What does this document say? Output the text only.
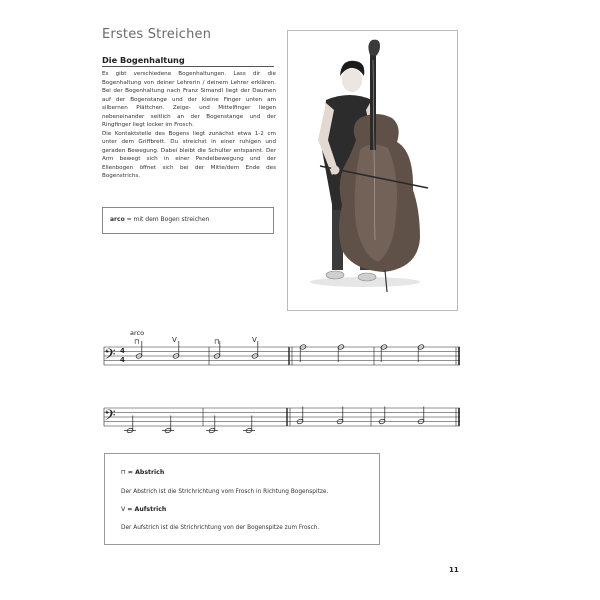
Erstes Streichen
Die Bogenhaltung

Es gibt verschiedene Bogenhaltungen. Lass dir die Bogenhaltung von deiner Lehrerin / deinem Lehrer erklären. Bei der Bogenhaltung nach Franz Simandl liegt der Daumen auf der Bogenstange und der kleine Finger unten am silbernen Plättchen. Zeige- und Mittelfinger liegen nebeneinander seitlich an der Bogenstange und der Ringfinger liegt locker im Frosch.

Die Kontaktstelle des Bogens liegt zunächst etwa 1-2 cm unter dem Griffbrett. Du streichst in einer ruhigen und geraden Bewegung. Dabei bleibt die Schulter entspannt. Der Arm bewegt sich in einer Pendelbewegung und der Ellenbogen öffnet sich bei der Mitte/dem Ende des Bogenstrichs.

arco = mit dem Bogen streichen
𝄢 4
4
arco
⊓	V	⊓	V
𝄢
⊓ = Abstrich
Der Abstrich ist die Strichrichtung vom Frosch in Richtung Bogenspitze.
V = Aufstrich
Der Aufstrich ist die Strichrichtung von der Bogenspitze zum Frosch.
11
